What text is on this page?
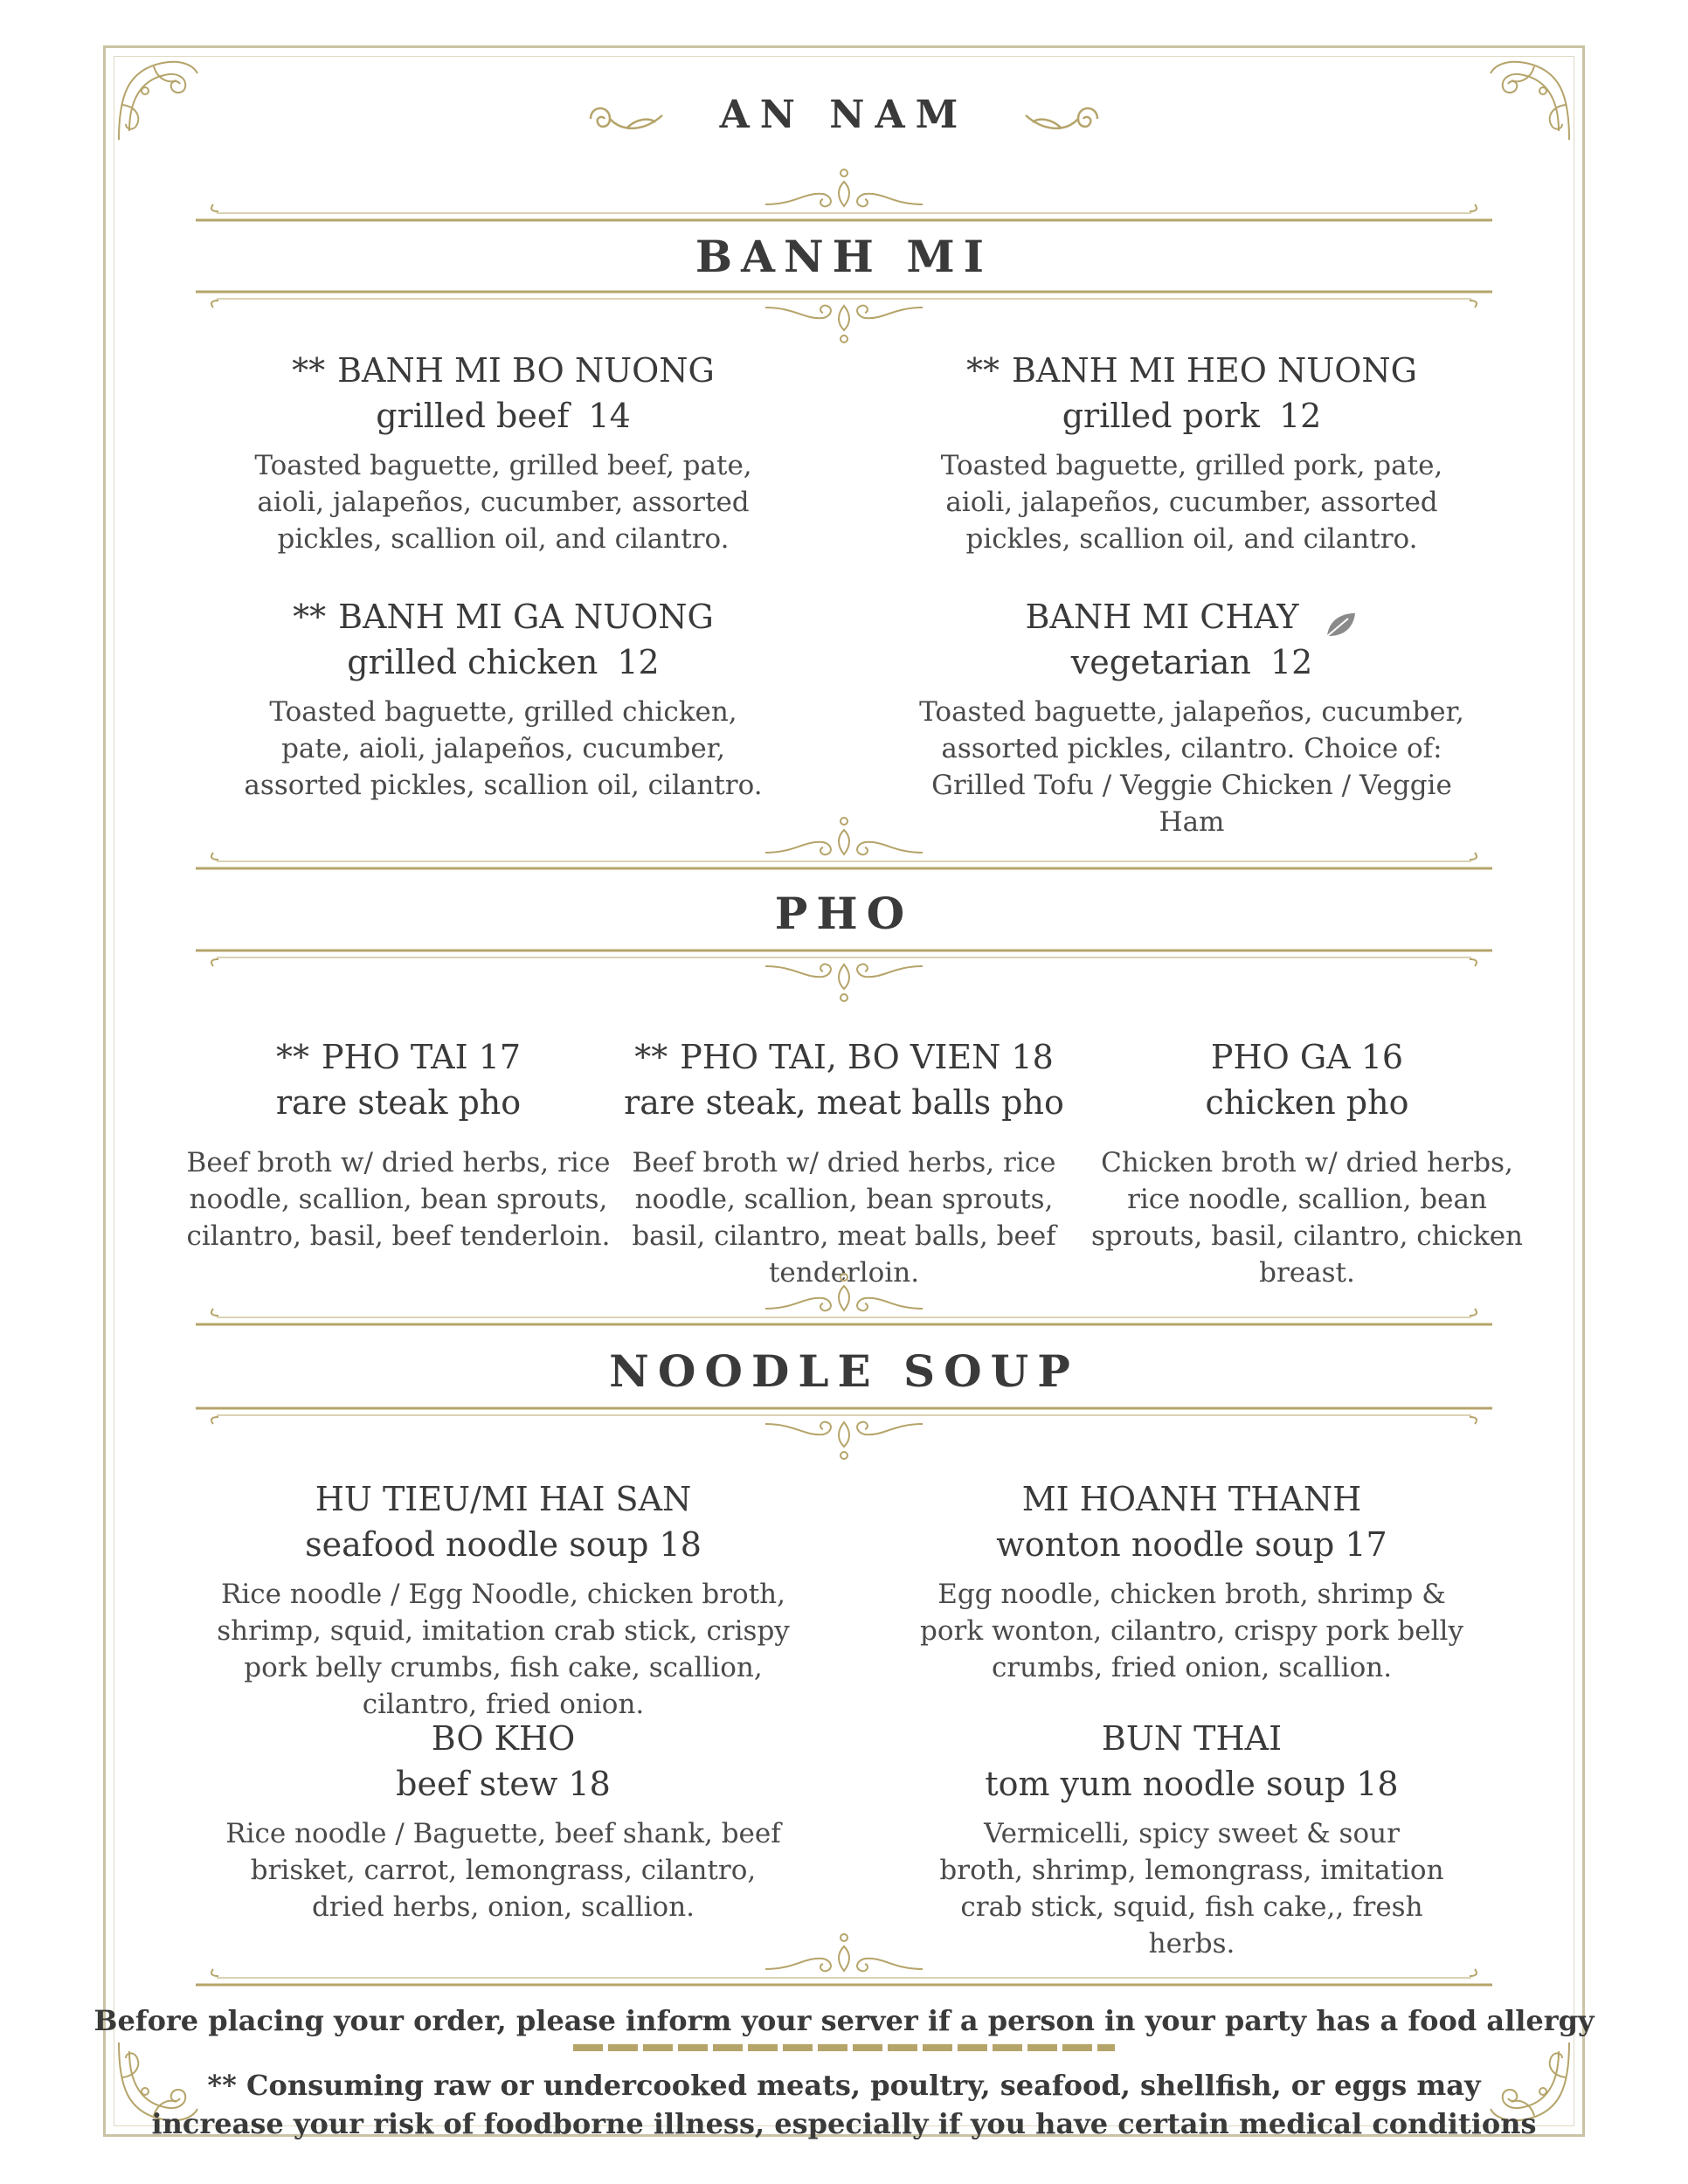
AN NAM
BANH MI
** BANH MI BO NUONG
grilled beef 14
Toasted baguette, grilled beef, pate, aioli, jalapeños, cucumber, assorted pickles, scallion oil, and cilantro.
** BANH MI HEO NUONG
grilled pork 12
Toasted baguette, grilled pork, pate, aioli, jalapeños, cucumber, assorted pickles, scallion oil, and cilantro.
** BANH MI GA NUONG
grilled chicken 12
Toasted baguette, grilled chicken, pate, aioli, jalapeños, cucumber, assorted pickles, scallion oil, cilantro.
BANH MI CHAY
vegetarian 12
Toasted baguette, jalapeños, cucumber,
assorted pickles, cilantro. Choice of:
Grilled Tofu / Veggie Chicken / Veggie Ham
PHO
** PHO TAI 17
rare steak pho
Beef broth w/ dried herbs, rice noodle, scallion, bean sprouts, cilantro, basil, beef tenderloin.
** PHO TAI, BO VIEN 18
rare steak, meat balls pho
Beef broth w/ dried herbs, rice noodle, scallion, bean sprouts, basil, cilantro, meat balls, beef tenderloin.
PHO GA 16
chicken pho
Chicken broth w/ dried herbs, rice noodle, scallion, bean sprouts, basil, cilantro, chicken breast.
NOODLE SOUP
HU TIEU/MI HAI SAN
seafood noodle soup 18
Rice noodle / Egg Noodle, chicken broth, shrimp, squid, imitation crab stick, crispy pork belly crumbs, fish cake, scallion, cilantro, fried onion.
MI HOANH THANH
wonton noodle soup 17
Egg noodle, chicken broth, shrimp & pork wonton, cilantro, crispy pork belly crumbs, fried onion, scallion.
BO KHO
beef stew 18
Rice noodle / Baguette, beef shank, beef brisket, carrot, lemongrass, cilantro, dried herbs, onion, scallion.
BUN THAI
tom yum noodle soup 18
Vermicelli, spicy sweet & sour broth, shrimp, lemongrass, imitation crab stick, squid, fish cake,, fresh herbs.
Before placing your order, please inform your server if a person in your party has a food allergy
** Consuming raw or undercooked meats, poultry, seafood, shellfish, or eggs may
increase your risk of foodborne illness, especially if you have certain medical conditions
